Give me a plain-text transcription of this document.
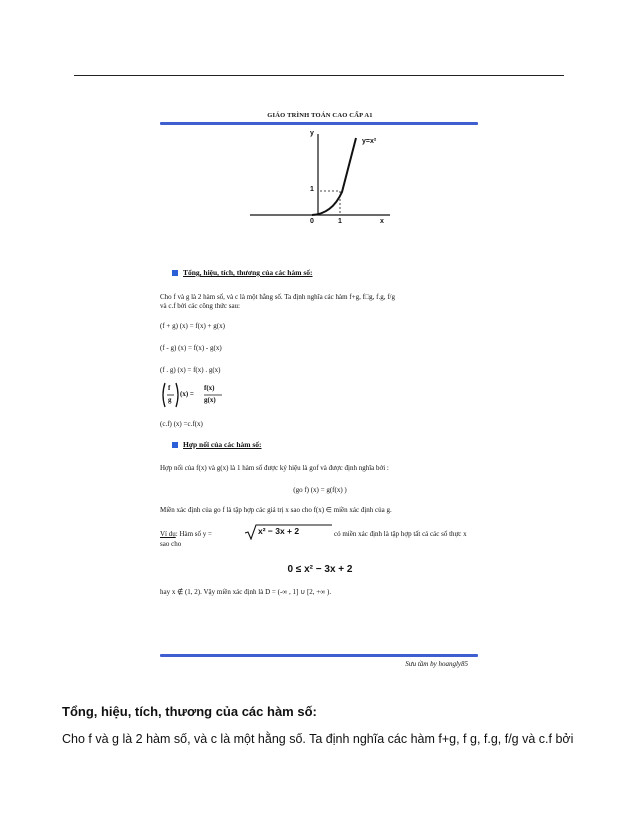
GIÁO TRÌNH TOÁN CAO CẤP A1
y
y=x²
1
0	1	x
Tổng, hiệu, tích, thương của các hàm số:
Cho f và g là 2 hàm số, và c là một hằng số. Ta định nghĩa các hàm f+g, f□g, f.g, f/g
và c.f bởi các công thức sau:
(f + g) (x) = f(x) + g(x)
(f - g) (x) = f(x) - g(x)
(f . g) (x) = f(x) . g(x)
f
g
(x) =
f(x)
g(x)
(c.f) (x) =c.f(x)
Hợp nối của các hàm số:
Hợp nối của f(x) và g(x) là 1 hàm số được ký hiệu là gof và được định nghĩa bởi :
(go f) (x) = g(f(x) )
Miền xác định của go f là tập hợp các giá trị x sao cho f(x) ∈ miền xác định của g.
Ví dụ: Hàm số y =	x² − 3x + 2	có miền xác định là tập hợp tất cả các số thực x
sao cho
0 ≤ x² − 3x + 2
hay x ∉ (1, 2). Vậy miền xác định là D = (-∞ , 1] ∪ [2, +∞ ).
Sưu tầm by hoangly85
Tổng, hiệu, tích, thương của các hàm số:
Cho f và g là 2 hàm số, và c là một hằng số. Ta định nghĩa các hàm f+g, f g, f.g, f/g và c.f bởi
